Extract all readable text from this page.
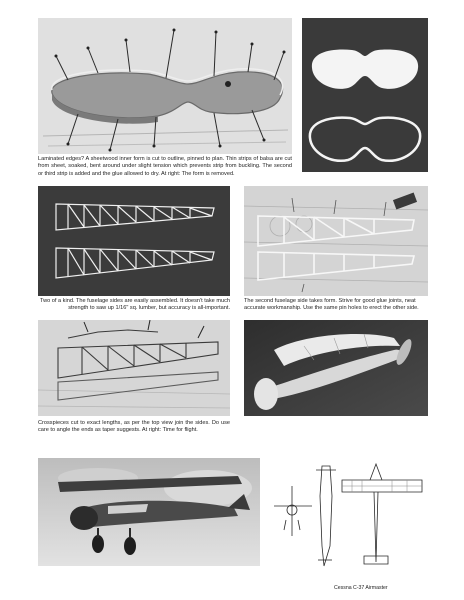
Laminated edges? A sheetwood inner form is cut to outline, pinned to plan. Thin strips of balsa are cut from sheet, soaked, bent around under slight tension which prevents strip from buckling. The second or third strip is added and the glue allowed to dry. At right: The form is removed.

Two of a kind. The fuselage sides are easily assembled. It doesn't take much strength to saw up 1/16" sq. lumber, but accuracy is all-important.

The second fuselage side takes form. Strive for good glue joints, neat accurate workmanship. Use the same pin holes to erect the other side.

Crosspieces cut to exact lengths, as per the top view join the sides. Do use care to angle the ends as taper suggests. At right: Time for flight.

Cessna C-37 Airmaster
